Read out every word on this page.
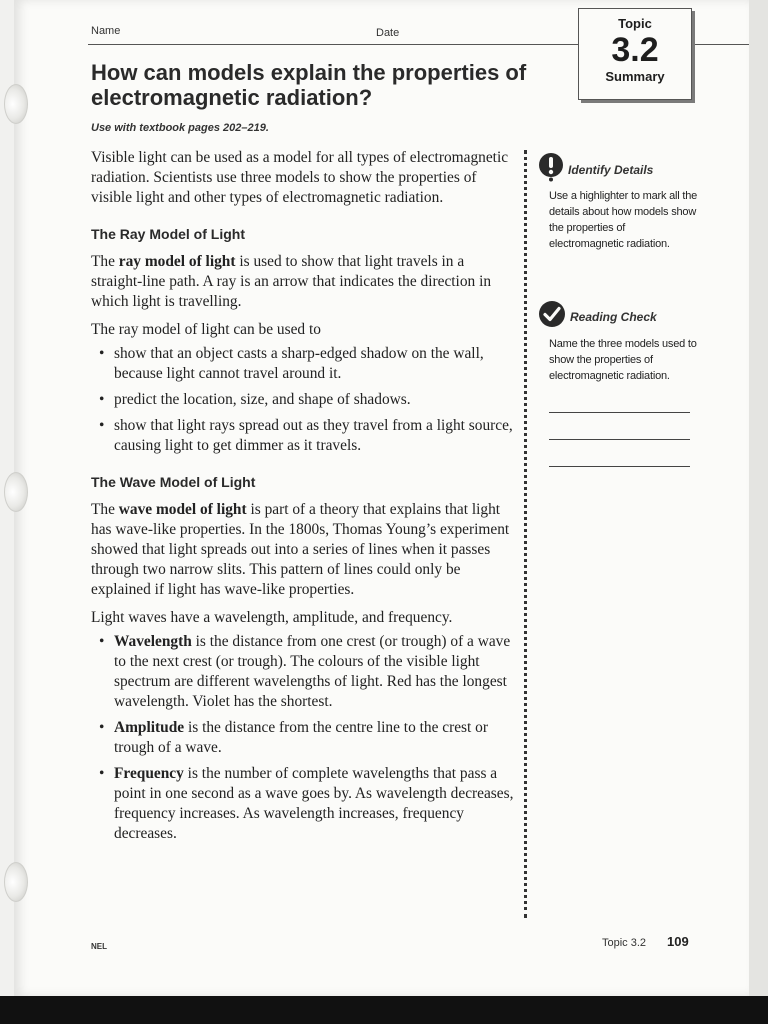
Name	Date
Topic
3.2
Summary
How can models explain the properties of electromagnetic radiation?
Use with textbook pages 202–219.

Visible light can be used as a model for all types of electromagnetic radiation. Scientists use three models to show the properties of visible light and other types of electromagnetic radiation.

The Ray Model of Light

The ray model of light is used to show that light travels in a straight-line path. A ray is an arrow that indicates the direction in which light is travelling.

The ray model of light can be used to

• show that an object casts a sharp-edged shadow on the wall, because light cannot travel around it.
• predict the location, size, and shape of shadows.
• show that light rays spread out as they travel from a light source, causing light to get dimmer as it travels.
The Wave Model of Light

The wave model of light is part of a theory that explains that light has wave-like properties. In the 1800s, Thomas Young’s experiment showed that light spreads out into a series of lines when it passes through two narrow slits. This pattern of lines could only be explained if light has wave-like properties.

Light waves have a wavelength, amplitude, and frequency.

• Wavelength is the distance from one crest (or trough) of a wave to the next crest (or trough). The colours of the visible light spectrum are different wavelengths of light. Red has the longest wavelength. Violet has the shortest.
• Amplitude is the distance from the centre line to the crest or trough of a wave.
• Frequency is the number of complete wavelengths that pass a point in one second as a wave goes by. As wavelength decreases, frequency increases. As wavelength increases, frequency decreases.
Identify Details
Use a highlighter to mark all the details about how models show the properties of electromagnetic radiation.
Reading Check
Name the three models used to show the properties of electromagnetic radiation.
NEL	Topic 3.2 109
